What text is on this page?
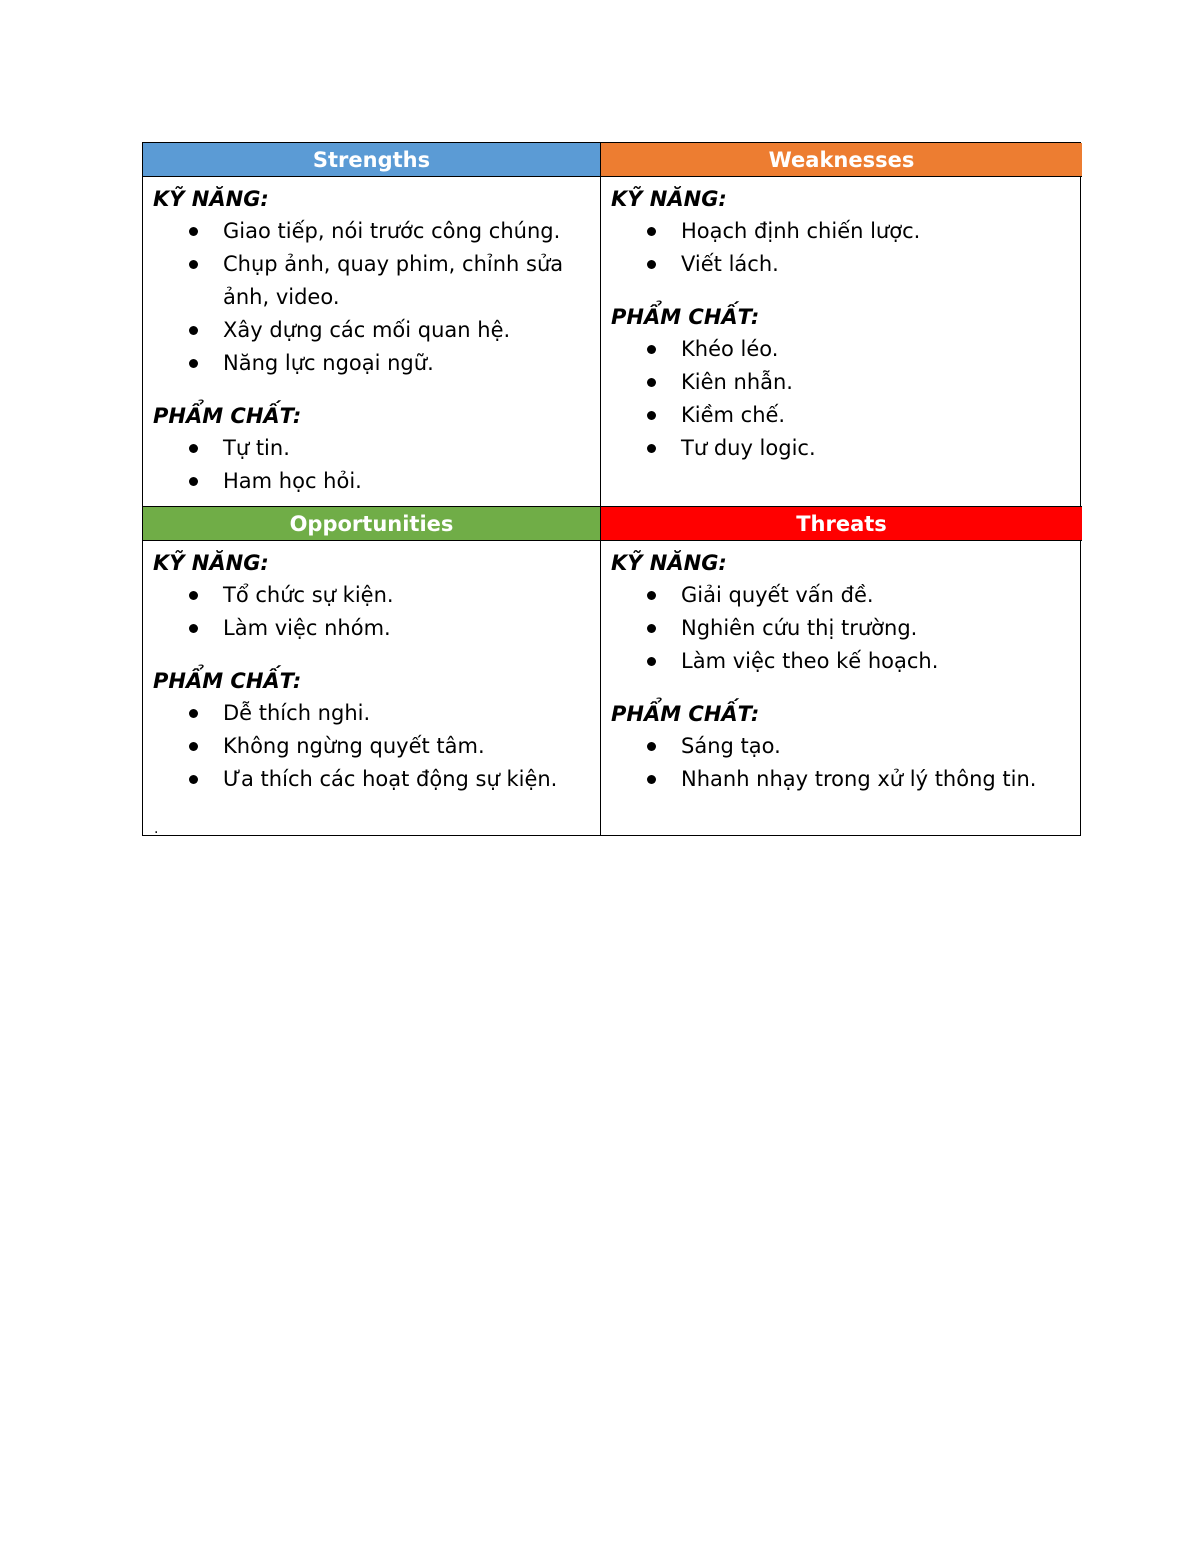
Strengths	Weaknesses

KỸ NĂNG:

Giao tiếp, nói trước công chúng.
Chụp ảnh, quay phim, chỉnh sửa ảnh, video.
Xây dựng các mối quan hệ.
Năng lực ngoại ngữ.

PHẨM CHẤT:

Tự tin.
Ham học hỏi.

KỸ NĂNG:

Hoạch định chiến lược.
Viết lách.

PHẨM CHẤT:

Khéo léo.
Kiên nhẫn.
Kiềm chế.
Tư duy logic.
Opportunities	Threats

KỸ NĂNG:

Tổ chức sự kiện.
Làm việc nhóm.

PHẨM CHẤT:

Dễ thích nghi.
Không ngừng quyết tâm.
Ưa thích các hoạt động sự kiện.

KỸ NĂNG:

Giải quyết vấn đề.
Nghiên cứu thị trường.
Làm việc theo kế hoạch.

PHẨM CHẤT:

Sáng tạo.
Nhanh nhạy trong xử lý thông tin.
.
